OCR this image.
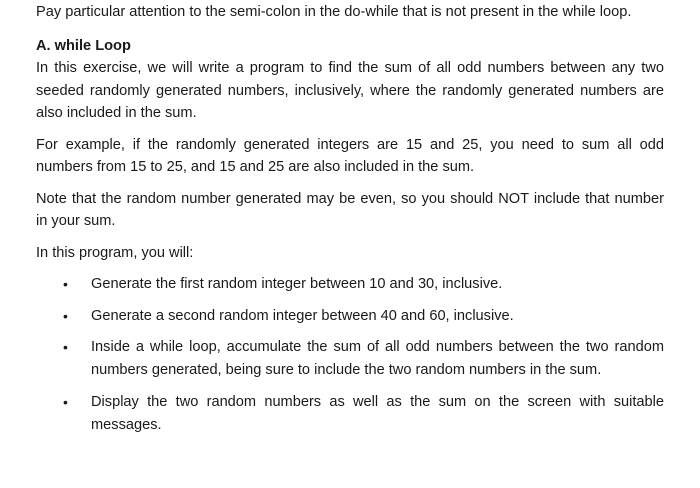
Pay particular attention to the semi-colon in the do-while that is not present in the while loop.

A. while Loop

In this exercise, we will write a program to find the sum of all odd numbers between any two seeded randomly generated numbers, inclusively, where the randomly generated numbers are also included in the sum.

For example, if the randomly generated integers are 15 and 25, you need to sum all odd numbers from 15 to 25, and 15 and 25 are also included in the sum.

Note that the random number generated may be even, so you should NOT include that number in your sum.

In this program, you will:

• Generate the first random integer between 10 and 30, inclusive.
• Generate a second random integer between 40 and 60, inclusive.
• Inside a while loop, accumulate the sum of all odd numbers between the two random numbers generated, being sure to include the two random numbers in the sum.
• Display the two random numbers as well as the sum on the screen with suitable messages.
